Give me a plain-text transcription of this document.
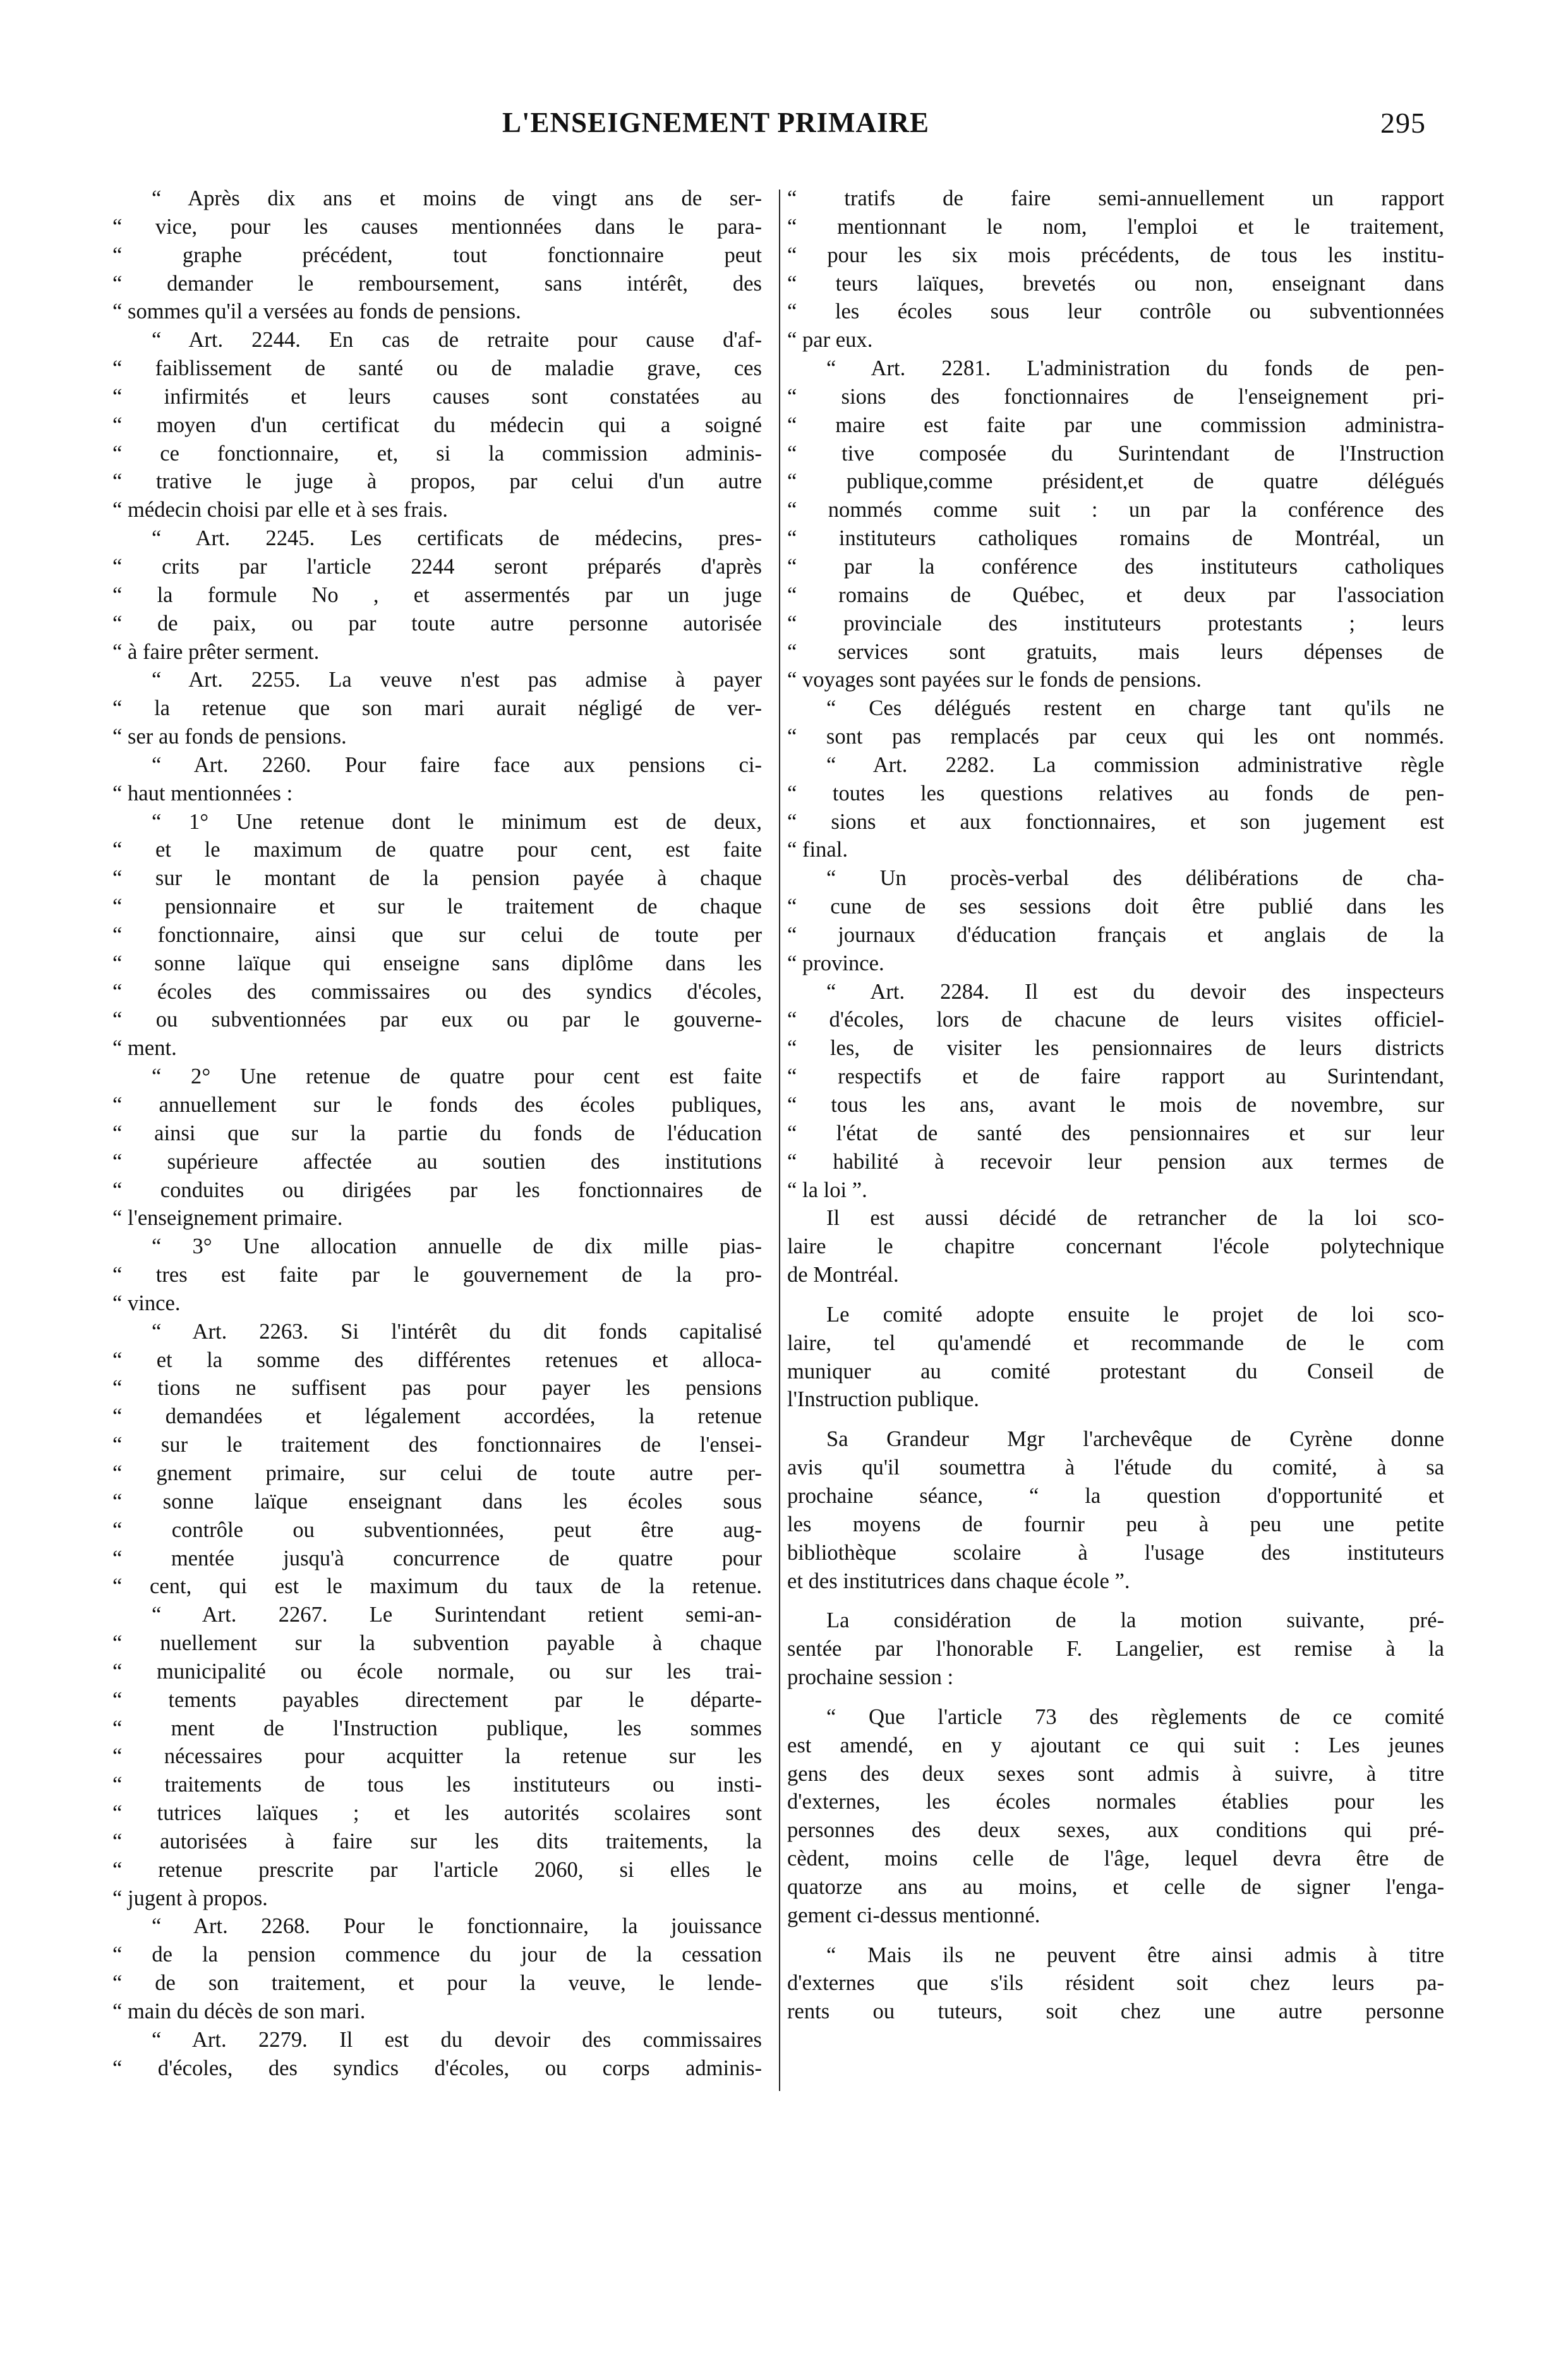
L'ENSEIGNEMENT PRIMAIRE	295
“ Après dix ans et moins de vingt ans de ser-
“ vice, pour les causes mentionnées dans le para-
“ graphe précédent, tout fonctionnaire peut
“ demander le remboursement, sans intérêt, des
“ sommes qu'il a versées au fonds de pensions.
“ Art. 2244. En cas de retraite pour cause d'af-
“ faiblissement de santé ou de maladie grave, ces
“ infirmités et leurs causes sont constatées au
“ moyen d'un certificat du médecin qui a soigné
“ ce fonctionnaire, et, si la commission adminis-
“ trative le juge à propos, par celui d'un autre
“ médecin choisi par elle et à ses frais.
“ Art. 2245. Les certificats de médecins, pres-
“ crits par l'article 2244 seront préparés d'après
“ la formule No , et assermentés par un juge
“ de paix, ou par toute autre personne autorisée
“ à faire prêter serment.
“ Art. 2255. La veuve n'est pas admise à payer
“ la retenue que son mari aurait négligé de ver-
“ ser au fonds de pensions.
“ Art. 2260. Pour faire face aux pensions ci-
“ haut mentionnées :
“ 1° Une retenue dont le minimum est de deux,
“ et le maximum de quatre pour cent, est faite
“ sur le montant de la pension payée à chaque
“ pensionnaire et sur le traitement de chaque
“ fonctionnaire, ainsi que sur celui de toute per
“ sonne laïque qui enseigne sans diplôme dans les
“ écoles des commissaires ou des syndics d'écoles,
“ ou subventionnées par eux ou par le gouverne-
“ ment.
“ 2° Une retenue de quatre pour cent est faite
“ annuellement sur le fonds des écoles publiques,
“ ainsi que sur la partie du fonds de l'éducation
“ supérieure affectée au soutien des institutions
“ conduites ou dirigées par les fonctionnaires de
“ l'enseignement primaire.
“ 3° Une allocation annuelle de dix mille pias-
“ tres est faite par le gouvernement de la pro-
“ vince.
“ Art. 2263. Si l'intérêt du dit fonds capitalisé
“ et la somme des différentes retenues et alloca-
“ tions ne suffisent pas pour payer les pensions
“ demandées et légalement accordées, la retenue
“ sur le traitement des fonctionnaires de l'ensei-
“ gnement primaire, sur celui de toute autre per-
“ sonne laïque enseignant dans les écoles sous
“ contrôle ou subventionnées, peut être aug-
“ mentée jusqu'à concurrence de quatre pour
“ cent, qui est le maximum du taux de la retenue.
“ Art. 2267. Le Surintendant retient semi-an-
“ nuellement sur la subvention payable à chaque
“ municipalité ou école normale, ou sur les trai-
“ tements payables directement par le départe-
“ ment de l'Instruction publique, les sommes
“ nécessaires pour acquitter la retenue sur les
“ traitements de tous les instituteurs ou insti-
“ tutrices laïques ; et les autorités scolaires sont
“ autorisées à faire sur les dits traitements, la
“ retenue prescrite par l'article 2060, si elles le
“ jugent à propos.
“ Art. 2268. Pour le fonctionnaire, la jouissance
“ de la pension commence du jour de la cessation
“ de son traitement, et pour la veuve, le lende-
“ main du décès de son mari.
“ Art. 2279. Il est du devoir des commissaires
“ d'écoles, des syndics d'écoles, ou corps adminis-
“ tratifs de faire semi-annuellement un rapport
“ mentionnant le nom, l'emploi et le traitement,
“ pour les six mois précédents, de tous les institu-
“ teurs laïques, brevetés ou non, enseignant dans
“ les écoles sous leur contrôle ou subventionnées
“ par eux.
“ Art. 2281. L'administration du fonds de pen-
“ sions des fonctionnaires de l'enseignement pri-
“ maire est faite par une commission administra-
“ tive composée du Surintendant de l'Instruction
“ publique,comme président,et de quatre délégués
“ nommés comme suit : un par la conférence des
“ instituteurs catholiques romains de Montréal, un
“ par la conférence des instituteurs catholiques
“ romains de Québec, et deux par l'association
“ provinciale des instituteurs protestants ; leurs
“ services sont gratuits, mais leurs dépenses de
“ voyages sont payées sur le fonds de pensions.
“ Ces délégués restent en charge tant qu'ils ne
“ sont pas remplacés par ceux qui les ont nommés.
“ Art. 2282. La commission administrative règle
“ toutes les questions relatives au fonds de pen-
“ sions et aux fonctionnaires, et son jugement est
“ final.
“ Un procès-verbal des délibérations de cha-
“ cune de ses sessions doit être publié dans les
“ journaux d'éducation français et anglais de la
“ province.
“ Art. 2284. Il est du devoir des inspecteurs
“ d'écoles, lors de chacune de leurs visites officiel-
“ les, de visiter les pensionnaires de leurs districts
“ respectifs et de faire rapport au Surintendant,
“ tous les ans, avant le mois de novembre, sur
“ l'état de santé des pensionnaires et sur leur
“ habilité à recevoir leur pension aux termes de
“ la loi ”.
Il est aussi décidé de retrancher de la loi sco-
laire le chapitre concernant l'école polytechnique
de Montréal.
Le comité adopte ensuite le projet de loi sco-
laire, tel qu'amendé et recommande de le com
muniquer au comité protestant du Conseil de
l'Instruction publique.
Sa Grandeur Mgr l'archevêque de Cyrène donne
avis qu'il soumettra à l'étude du comité, à sa
prochaine séance, “ la question d'opportunité et
les moyens de fournir peu à peu une petite
bibliothèque scolaire à l'usage des instituteurs
et des institutrices dans chaque école ”.
La considération de la motion suivante, pré-
sentée par l'honorable F. Langelier, est remise à la
prochaine session :
“ Que l'article 73 des règlements de ce comité
est amendé, en y ajoutant ce qui suit : Les jeunes
gens des deux sexes sont admis à suivre, à titre
d'externes, les écoles normales établies pour les
personnes des deux sexes, aux conditions qui pré-
cèdent, moins celle de l'âge, lequel devra être de
quatorze ans au moins, et celle de signer l'enga-
gement ci-dessus mentionné.
“ Mais ils ne peuvent être ainsi admis à titre
d'externes que s'ils résident soit chez leurs pa-
rents ou tuteurs, soit chez une autre personne
